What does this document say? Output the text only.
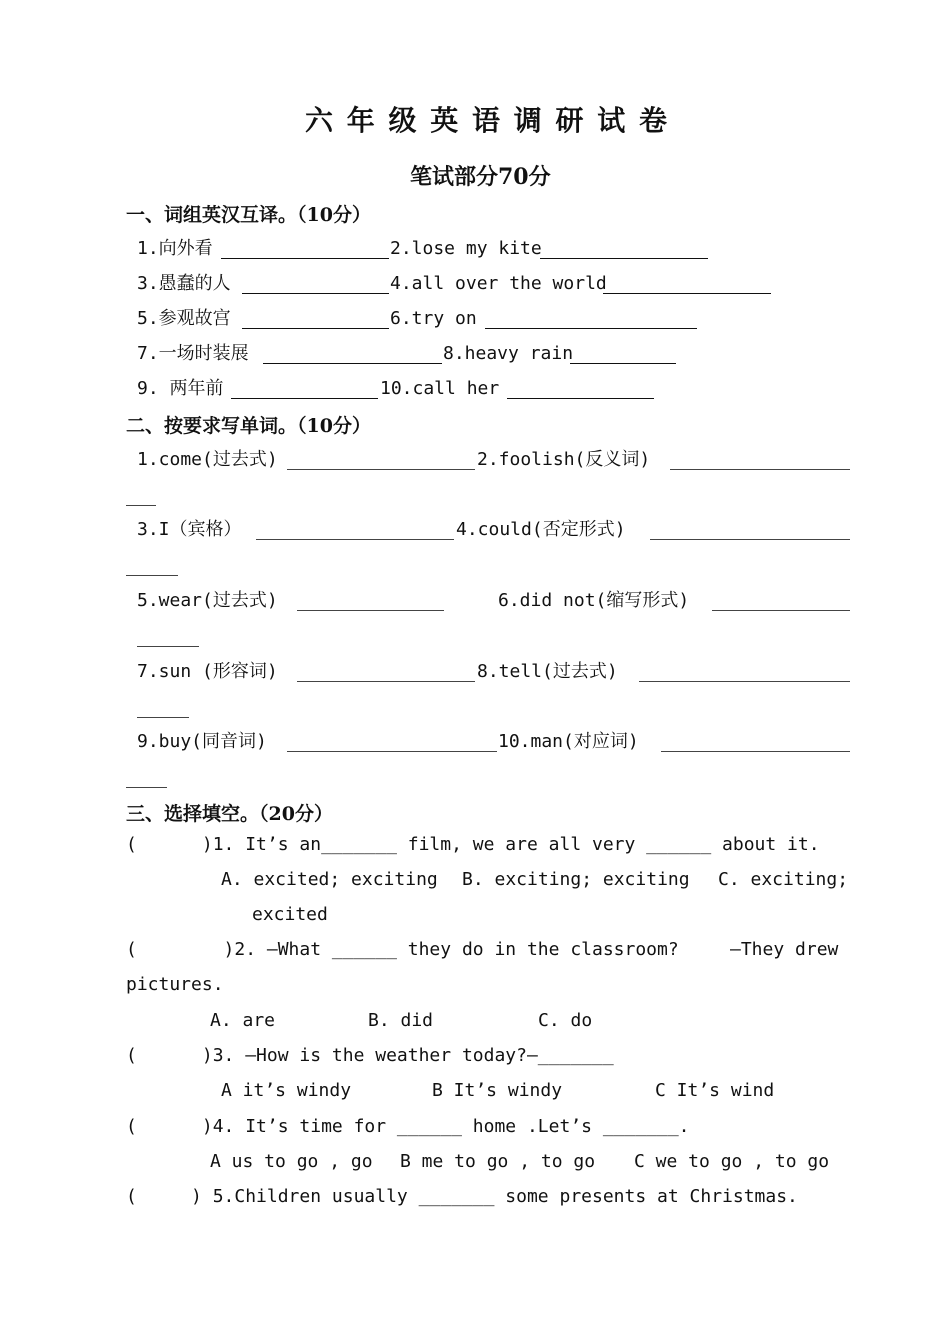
六 年 级 英 语 调 研 试 卷
笔试部分70分
一、词组英汉互译。（10分）
1.向外看	2.lose my kite
3.愚蠢的人	4.all over the world
5.参观故宫	6.try on
7.一场时装展	8.heavy rain
9. 两年前	10.call her
二、按要求写单词。（10分）
1.come(过去式)	2.foolish(反义词)
3.I（宾格）	4.could(否定形式)
5.wear(过去式)	6.did not(缩写形式)
7.sun (形容词)	8.tell(过去式)
9.buy(同音词)	10.man(对应词)
三、选择填空。（20分）
(      )1. It’s an_______ film, we are all very ______ about it.
A. excited; exciting B. exciting; exciting C. exciting;
excited
(        )2. —What ______ they do in the classroom?	—They drew
pictures.
A. are	B. did	C. do
(      )3. —How is the weather today?—_______
A it’s windy	B It’s windy	C It’s wind
(      )4. It’s time for ______ home .Let’s _______.
A us to go , go B me to go , to go C we to go , to go
(     ) 5.Children usually _______ some presents at Christmas.
